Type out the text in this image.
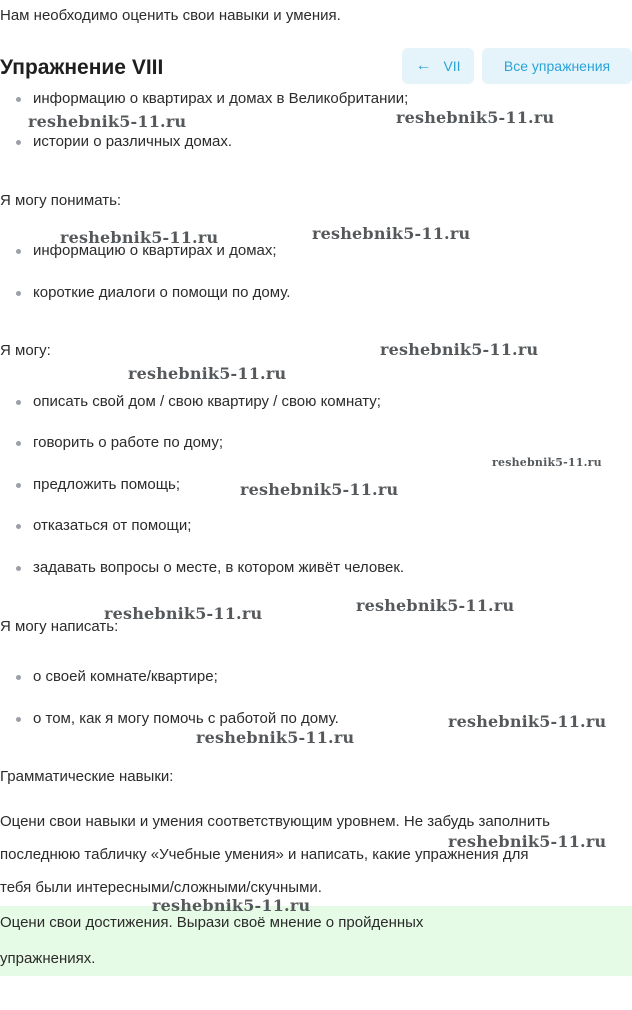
Нам необходимо оценить свои навыки и умения.
Упражнение VIII	← VII	Все упражнения
информацию о квартирах и домах в Великобритании;
истории о различных домах.
Я могу понимать:
информацию о квартирах и домах;
короткие диалоги о помощи по дому.
Я могу:
описать свой дом / свою квартиру / свою комнату;
говорить о работе по дому;
предложить помощь;
отказаться от помощи;
задавать вопросы о месте, в котором живёт человек.
Я могу написать:
о своей комнате/квартире;
о том, как я могу помочь с работой по дому.
Грамматические навыки:
Оцени свои навыки и умения соответствующим уровнем. Не забудь заполнить
последнюю табличку «Учебные умения» и написать, какие упражнения для
тебя были интересными/сложными/скучными.
Оцени свои достижения. Вырази своё мнение о пройденных
упражнениях.
reshebnik5-11.ru	reshebnik5-11.ru
reshebnik5-11.ru	reshebnik5-11.ru
reshebnik5-11.ru
reshebnik5-11.ru
reshebnik5-11.ru
reshebnik5-11.ru
reshebnik5-11.ru
reshebnik5-11.ru
reshebnik5-11.ru
reshebnik5-11.ru
reshebnik5-11.ru
reshebnik5-11.ru
